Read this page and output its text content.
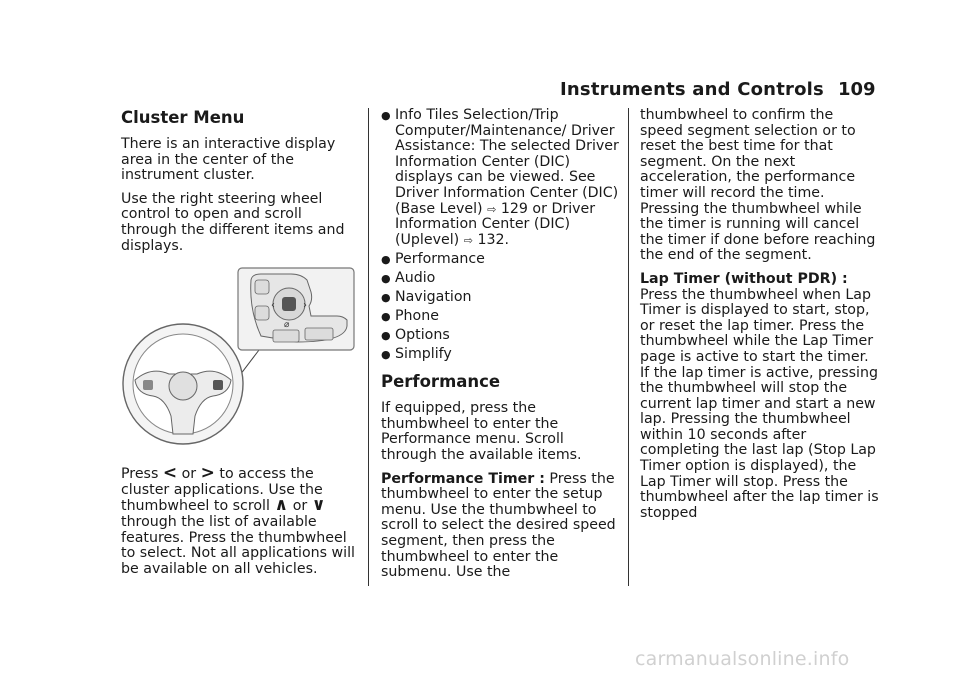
Instruments and Controls 109
Cluster Menu

There is an interactive display area in the center of the instrument cluster.

Use the right steering wheel control to open and scroll through the different items and displays.

‹	›
⌀

Press < or > to access the cluster applications. Use the thumbwheel to scroll ∧ or ∨ through the list of available features. Press the thumbwheel to select. Not all applications will be available on all vehicles.

● Info Tiles Selection/Trip Computer/Maintenance/ Driver Assistance: The selected Driver Information Center (DIC) displays can be viewed. See Driver Information Center (DIC) (Base Level) ⇨ 129 or Driver Information Center (DIC) (Uplevel) ⇨ 132.
● Performance
● Audio
● Navigation
● Phone
● Options
● Simplify
Performance

If equipped, press the thumbwheel to enter the Performance menu. Scroll through the available items.

Performance Timer : Press the thumbwheel to enter the setup menu. Use the thumbwheel to scroll to select the desired speed segment, then press the thumbwheel to enter the submenu. Use the

thumbwheel to confirm the speed segment selection or to reset the best time for that segment. On the next acceleration, the performance timer will record the time. Pressing the thumbwheel while the timer is running will cancel the timer if done before reaching the end of the segment.

Lap Timer (without PDR) : Press the thumbwheel when Lap Timer is displayed to start, stop, or reset the lap timer. Press the thumbwheel while the Lap Timer page is active to start the timer. If the lap timer is active, pressing the thumbwheel will stop the current lap timer and start a new lap. Pressing the thumbwheel within 10 seconds after completing the last lap (Stop Lap Timer option is displayed), the Lap Timer will stop. Press the thumbwheel after the lap timer is stopped

carmanualsonline.info
